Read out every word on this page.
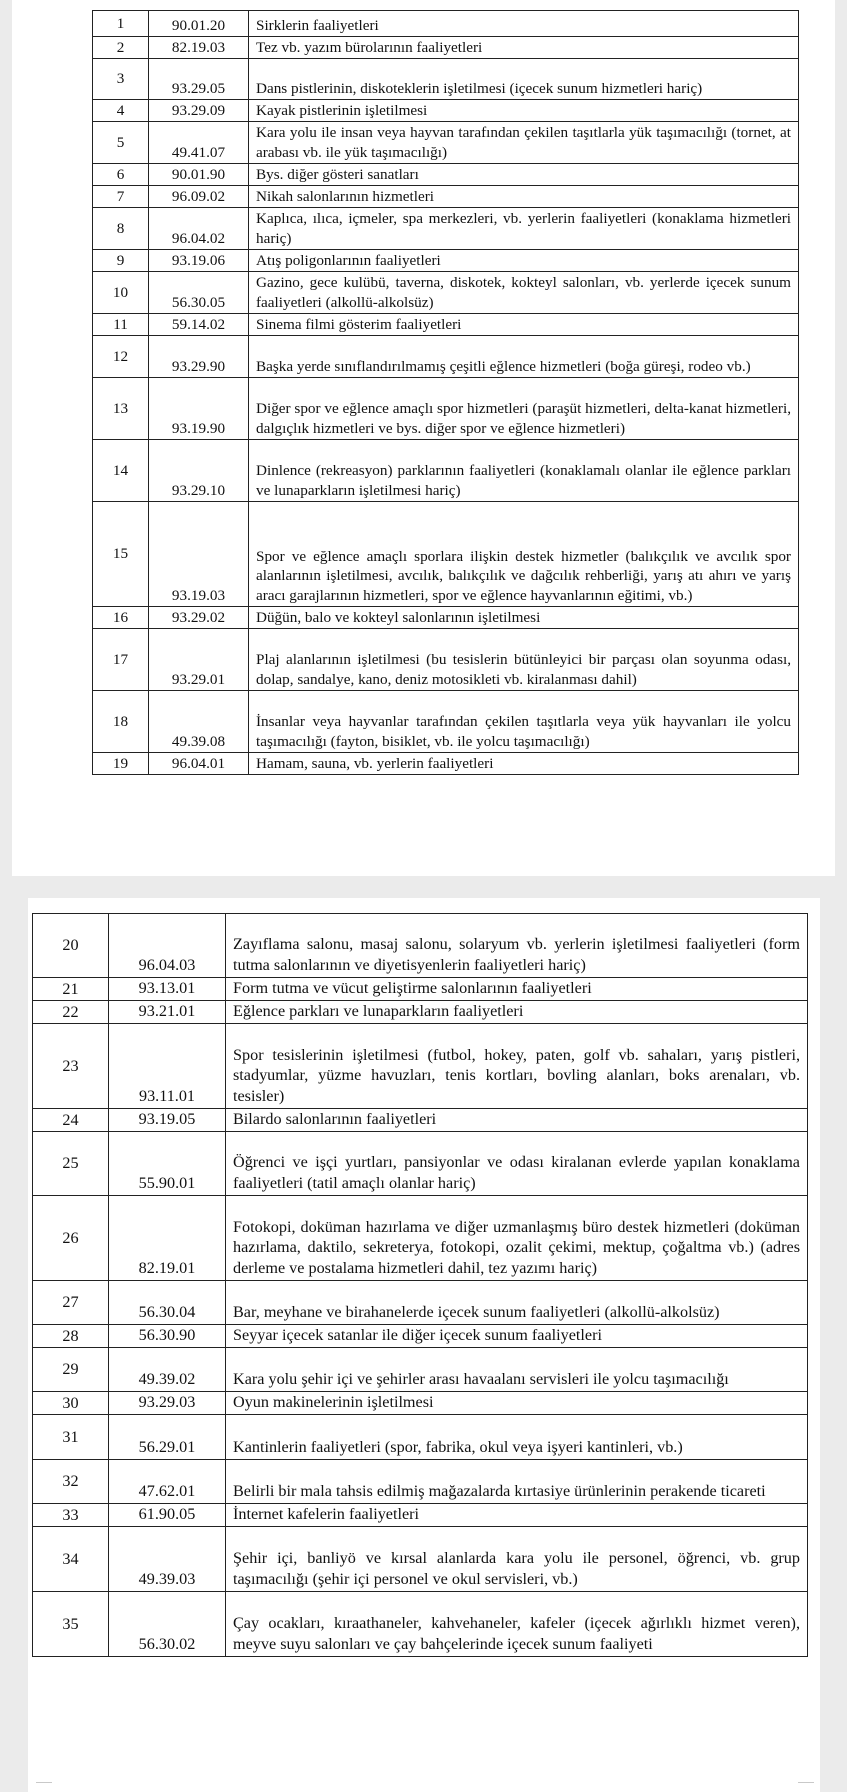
1	90.01.20	Sirklerin faaliyetleri
2	82.19.03	Tez vb. yazım bürolarının faaliyetleri
3	93.29.05	Dans pistlerinin, diskoteklerin işletilmesi (içecek sunum hizmetleri hariç)
4	93.29.09	Kayak pistlerinin işletilmesi
5	49.41.07	Kara yolu ile insan veya hayvan tarafından çekilen taşıtlarla yük taşımacılığı (tornet, at arabası vb. ile yük taşımacılığı)
6	90.01.90	Bys. diğer gösteri sanatları
7	96.09.02	Nikah salonlarının hizmetleri
8	96.04.02	Kaplıca, ılıca, içmeler, spa merkezleri, vb. yerlerin faaliyetleri (konaklama hizmetleri hariç)
9	93.19.06	Atış poligonlarının faaliyetleri
10	56.30.05	Gazino, gece kulübü, taverna, diskotek, kokteyl salonları, vb. yerlerde içecek sunum faaliyetleri (alkollü-alkolsüz)
11	59.14.02	Sinema filmi gösterim faaliyetleri
12	93.29.90	Başka yerde sınıflandırılmamış çeşitli eğlence hizmetleri (boğa güreşi, rodeo vb.)
13	93.19.90	Diğer spor ve eğlence amaçlı spor hizmetleri (paraşüt hizmetleri, delta-kanat hizmetleri, dalgıçlık hizmetleri ve bys. diğer spor ve eğlence hizmetleri)
14	93.29.10	Dinlence (rekreasyon) parklarının faaliyetleri (konaklamalı olanlar ile eğlence parkları ve lunaparkların işletilmesi hariç)
15	93.19.03	Spor ve eğlence amaçlı sporlara ilişkin destek hizmetler (balıkçılık ve avcılık spor alanlarının işletilmesi, avcılık, balıkçılık ve dağcılık rehberliği, yarış atı ahırı ve yarış aracı garajlarının hizmetleri, spor ve eğlence hayvanlarının eğitimi, vb.)
16	93.29.02	Düğün, balo ve kokteyl salonlarının işletilmesi
17	93.29.01	Plaj alanlarının işletilmesi (bu tesislerin bütünleyici bir parçası olan soyunma odası, dolap, sandalye, kano, deniz motosikleti vb. kiralanması dahil)
18	49.39.08	İnsanlar veya hayvanlar tarafından çekilen taşıtlarla veya yük hayvanları ile yolcu taşımacılığı (fayton, bisiklet, vb. ile yolcu taşımacılığı)
19	96.04.01	Hamam, sauna, vb. yerlerin faaliyetleri
20	96.04.03	Zayıflama salonu, masaj salonu, solaryum vb. yerlerin işletilmesi faaliyetleri (form tutma salonlarının ve diyetisyenlerin faaliyetleri hariç)
21	93.13.01	Form tutma ve vücut geliştirme salonlarının faaliyetleri
22	93.21.01	Eğlence parkları ve lunaparkların faaliyetleri
23	93.11.01	Spor tesislerinin işletilmesi (futbol, hokey, paten, golf vb. sahaları, yarış pistleri, stadyumlar, yüzme havuzları, tenis kortları, bovling alanları, boks arenaları, vb. tesisler)
24	93.19.05	Bilardo salonlarının faaliyetleri
25	55.90.01	Öğrenci ve işçi yurtları, pansiyonlar ve odası kiralanan evlerde yapılan konaklama faaliyetleri (tatil amaçlı olanlar hariç)
26	82.19.01	Fotokopi, doküman hazırlama ve diğer uzmanlaşmış büro destek hizmetleri (doküman hazırlama, daktilo, sekreterya, fotokopi, ozalit çekimi, mektup, çoğaltma vb.) (adres derleme ve postalama hizmetleri dahil, tez yazımı hariç)
27	56.30.04	Bar, meyhane ve birahanelerde içecek sunum faaliyetleri (alkollü-alkolsüz)
28	56.30.90	Seyyar içecek satanlar ile diğer içecek sunum faaliyetleri
29	49.39.02	Kara yolu şehir içi ve şehirler arası havaalanı servisleri ile yolcu taşımacılığı
30	93.29.03	Oyun makinelerinin işletilmesi
31	56.29.01	Kantinlerin faaliyetleri (spor, fabrika, okul veya işyeri kantinleri, vb.)
32	47.62.01	Belirli bir mala tahsis edilmiş mağazalarda kırtasiye ürünlerinin perakende ticareti
33	61.90.05	İnternet kafelerin faaliyetleri
34	49.39.03	Şehir içi, banliyö ve kırsal alanlarda kara yolu ile personel, öğrenci, vb. grup taşımacılığı (şehir içi personel ve okul servisleri, vb.)
35	56.30.02	Çay ocakları, kıraathaneler, kahvehaneler, kafeler (içecek ağırlıklı hizmet veren), meyve suyu salonları ve çay bahçelerinde içecek sunum faaliyeti
